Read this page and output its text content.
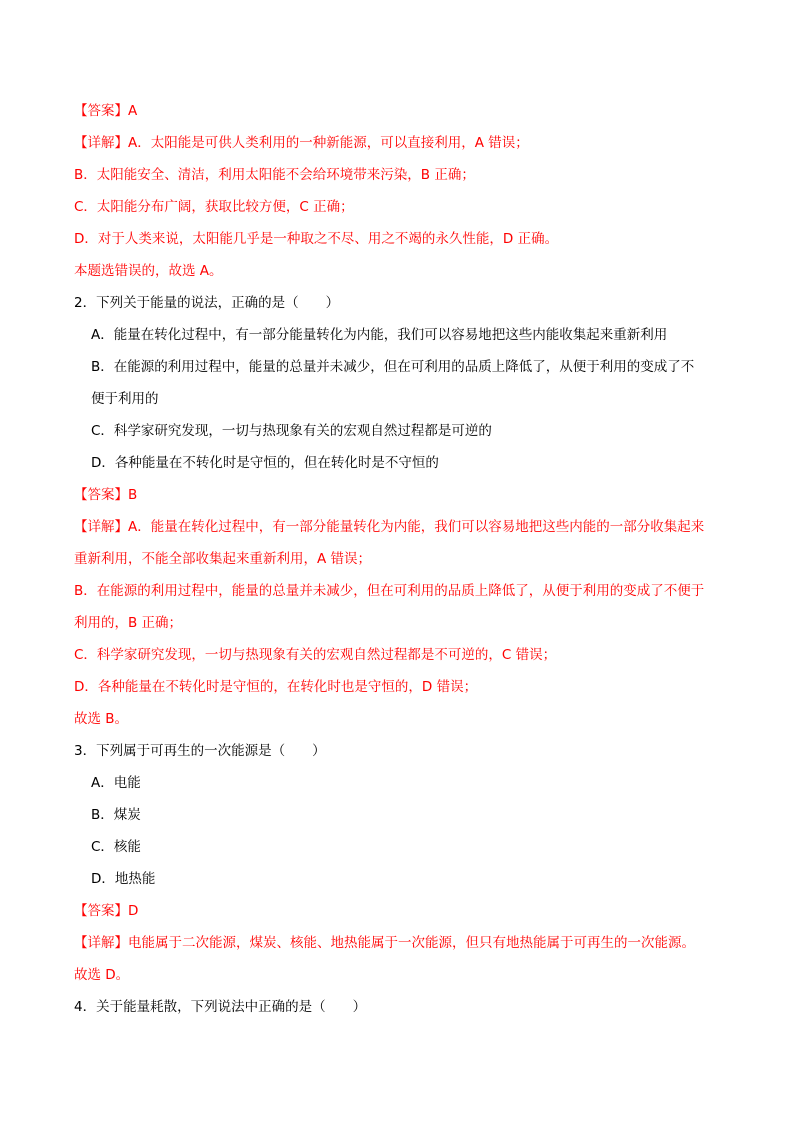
【答案】A
【详解】A．太阳能是可供人类利用的一种新能源，可以直接利用，A 错误；
B．太阳能安全、清洁，利用太阳能不会给环境带来污染，B 正确；
C．太阳能分布广阔，获取比较方便，C 正确；
D．对于人类来说，太阳能几乎是一种取之不尽、用之不竭的永久性能，D 正确。
本题选错误的，故选 A。
2．下列关于能量的说法，正确的是（　　）
A．能量在转化过程中，有一部分能量转化为内能，我们可以容易地把这些内能收集起来重新利用
B．在能源的利用过程中，能量的总量并未减少，但在可利用的品质上降低了，从便于利用的变成了不
便于利用的
C．科学家研究发现，一切与热现象有关的宏观自然过程都是可逆的
D．各种能量在不转化时是守恒的，但在转化时是不守恒的
【答案】B
【详解】A．能量在转化过程中，有一部分能量转化为内能，我们可以容易地把这些内能的一部分收集起来
重新利用，不能全部收集起来重新利用，A 错误；
B．在能源的利用过程中，能量的总量并未减少，但在可利用的品质上降低了，从便于利用的变成了不便于
利用的，B 正确；
C．科学家研究发现，一切与热现象有关的宏观自然过程都是不可逆的，C 错误；
D．各种能量在不转化时是守恒的，在转化时也是守恒的，D 错误；
故选 B。
3．下列属于可再生的一次能源是（　　）
A．电能
B．煤炭
C．核能
D．地热能
【答案】D
【详解】电能属于二次能源，煤炭、核能、地热能属于一次能源，但只有地热能属于可再生的一次能源。
故选 D。
4．关于能量耗散，下列说法中正确的是（　　）
